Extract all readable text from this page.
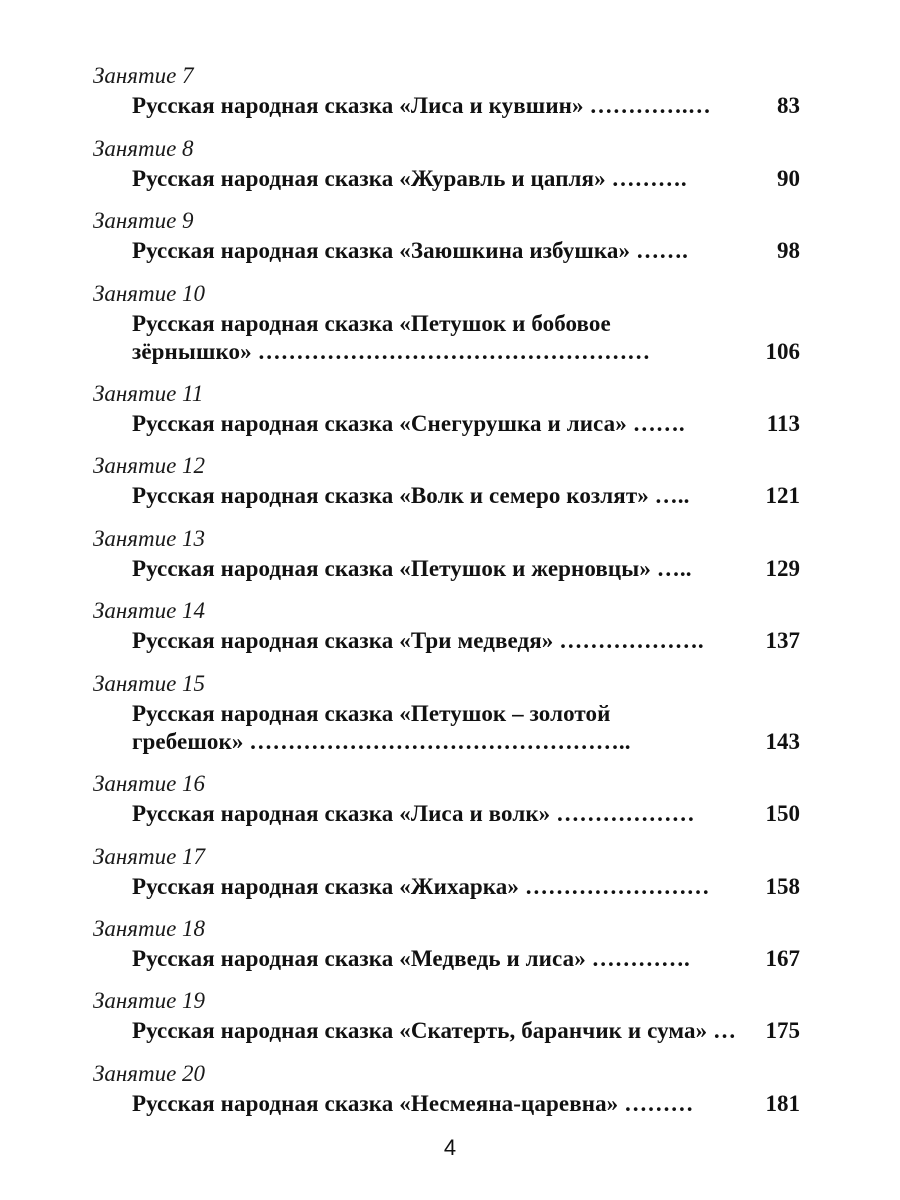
Занятие 7
Русская народная сказка «Лиса и кувшин» ………….…	83
Занятие 8
Русская народная сказка «Журавль и цапля» ……….	90
Занятие 9
Русская народная сказка «Заюшкина избушка» …….	98
Занятие 10
Русская народная сказка «Петушок и бобовое
зёрнышко» ……………………………………………	106
Занятие 11
Русская народная сказка «Снегурушка и лиса» …….	113
Занятие 12
Русская народная сказка «Волк и семеро козлят» …..	121
Занятие 13
Русская народная сказка «Петушок и жерновцы» …..	129
Занятие 14
Русская народная сказка «Три медведя» ……………….	137
Занятие 15
Русская народная сказка «Петушок – золотой
гребешок» …………………………………………..	143
Занятие 16
Русская народная сказка «Лиса и волк» ………………	150
Занятие 17
Русская народная сказка «Жихарка» …………………… 158
Занятие 18
Русская народная сказка «Медведь и лиса» ………….	167
Занятие 19
Русская народная сказка «Скатерть, баранчик и сума» … 175
Занятие 20
Русская народная сказка «Несмеяна-царевна» ………	181
4
